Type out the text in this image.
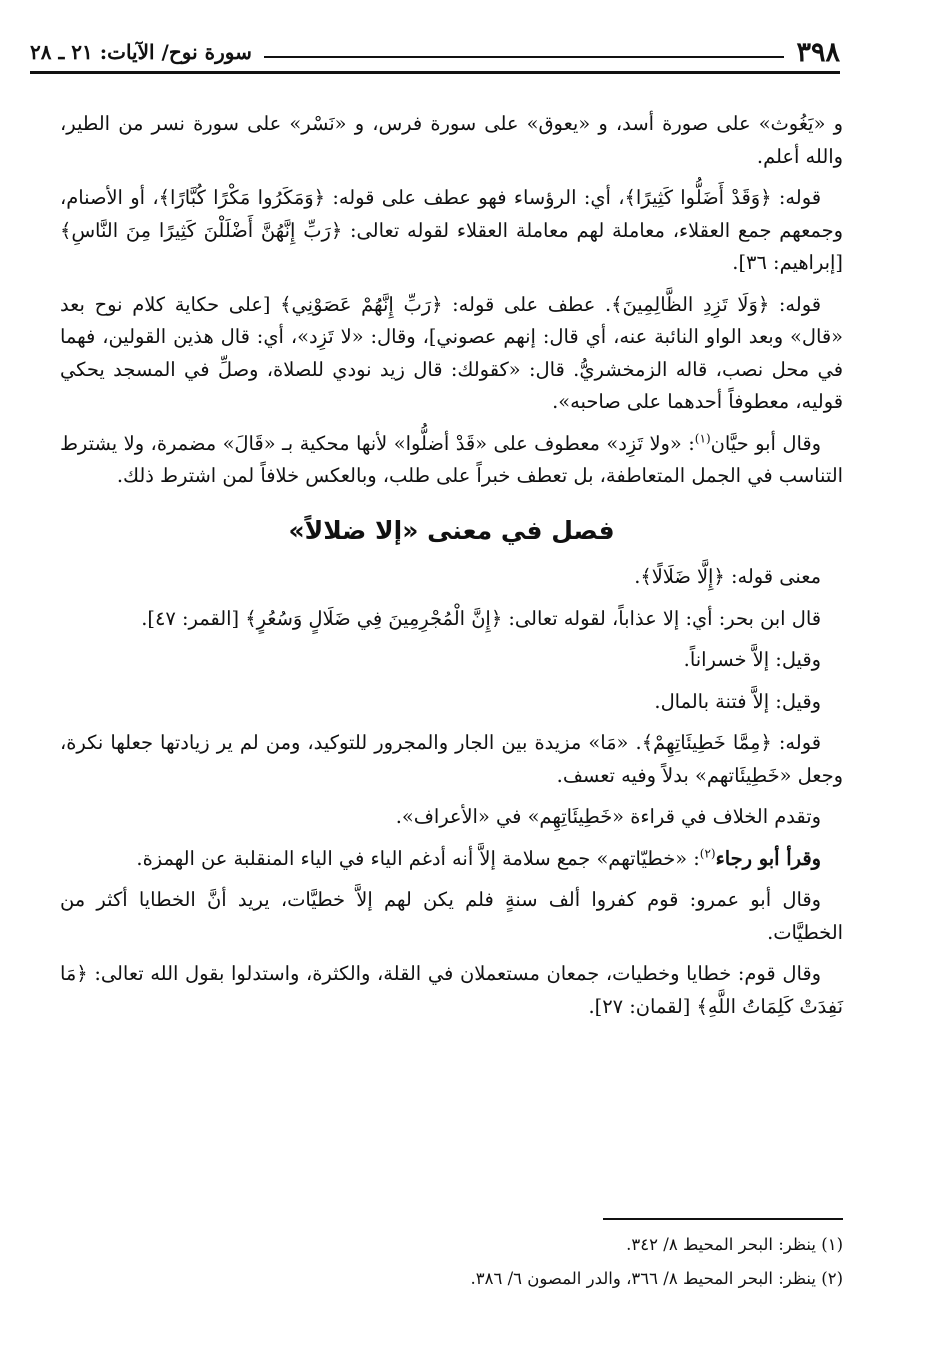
٣٩٨
سورة نوح/ الآيات: ٢١ ـ ٢٨

و «يَغُوث» على صورة أسد، و «يعوق» على سورة فرس، و «نَسْر» على سورة نسر من الطير، والله أعلم.

قوله: ﴿وَقَدْ أَضَلُّوا كَثِيرًا﴾، أي: الرؤساء فهو عطف على قوله: ﴿وَمَكَرُوا مَكْرًا كُبَّارًا﴾، أو الأصنام، وجمعهم جمع العقلاء، معاملة لهم معاملة العقلاء لقوله تعالى: ﴿رَبِّ إِنَّهُنَّ أَضْلَلْنَ كَثِيرًا مِنَ النَّاسِ﴾ [إبراهيم: ٣٦].

قوله: ﴿وَلَا تَزِدِ الظَّالِمِينَ﴾. عطف على قوله: ﴿رَبِّ إِنَّهُمْ عَصَوْنِي﴾ [على حكاية كلام نوح بعد «قال» وبعد الواو النائبة عنه، أي قال: إنهم عصوني]، وقال: «لا تَزِد»، أي: قال هذين القولين، فهما في محل نصب، قاله الزمخشريُّ. قال: «كقولك: قال زيد نودي للصلاة، وصلِّ في المسجد يحكي قوليه، معطوفاً أحدهما على صاحبه».

وقال أبو حيَّان$^{(١)}$: «ولا تَزِد» معطوف على «قَدْ أضلُّوا» لأنها محكية بـ «قَالَ» مضمرة، ولا يشترط التناسب في الجمل المتعاطفة، بل تعطف خبراً على طلب، وبالعكس خلافاً لمن اشترط ذلك.

فصل في معنى «إلا ضلالاً»

معنى قوله: ﴿إِلَّا ضَلَالًا﴾.

قال ابن بحر: أي: إلا عذاباً، لقوله تعالى: ﴿إِنَّ الْمُجْرِمِينَ فِي ضَلَالٍ وَسُعُرٍ﴾ [القمر: ٤٧].

وقيل: إلاَّ خسراناً.

وقيل: إلاَّ فتنة بالمال.

قوله: ﴿مِمَّا خَطِيئَاتِهِمْ﴾. «مَا» مزيدة بين الجار والمجرور للتوكيد، ومن لم ير زيادتها جعلها نكرة، وجعل «خَطِيئَاتهم» بدلاً وفيه تعسف.

وتقدم الخلاف في قراءة «خَطِيئَاتِهِم» في «الأعراف».

وقرأ أبو رجاء$^{(٢)}$: «خطيّاتهم» جمع سلامة إلاَّ أنه أدغم الياء في الياء المنقلبة عن الهمزة.

وقال أبو عمرو: قوم كفروا ألف سنةٍ فلم يكن لهم إلاَّ خطيَّات، يريد أنَّ الخطايا أكثر من الخطيَّات.

وقال قوم: خطايا وخطيات، جمعان مستعملان في القلة، والكثرة، واستدلوا بقول الله تعالى: ﴿مَا نَفِدَتْ كَلِمَاتُ اللَّهِ﴾ [لقمان: ٢٧].

(١) ينظر: البحر المحيط ٨/ ٣٤٢.

(٢) ينظر: البحر المحيط ٨/ ٣٦٦، والدر المصون ٦/ ٣٨٦.
